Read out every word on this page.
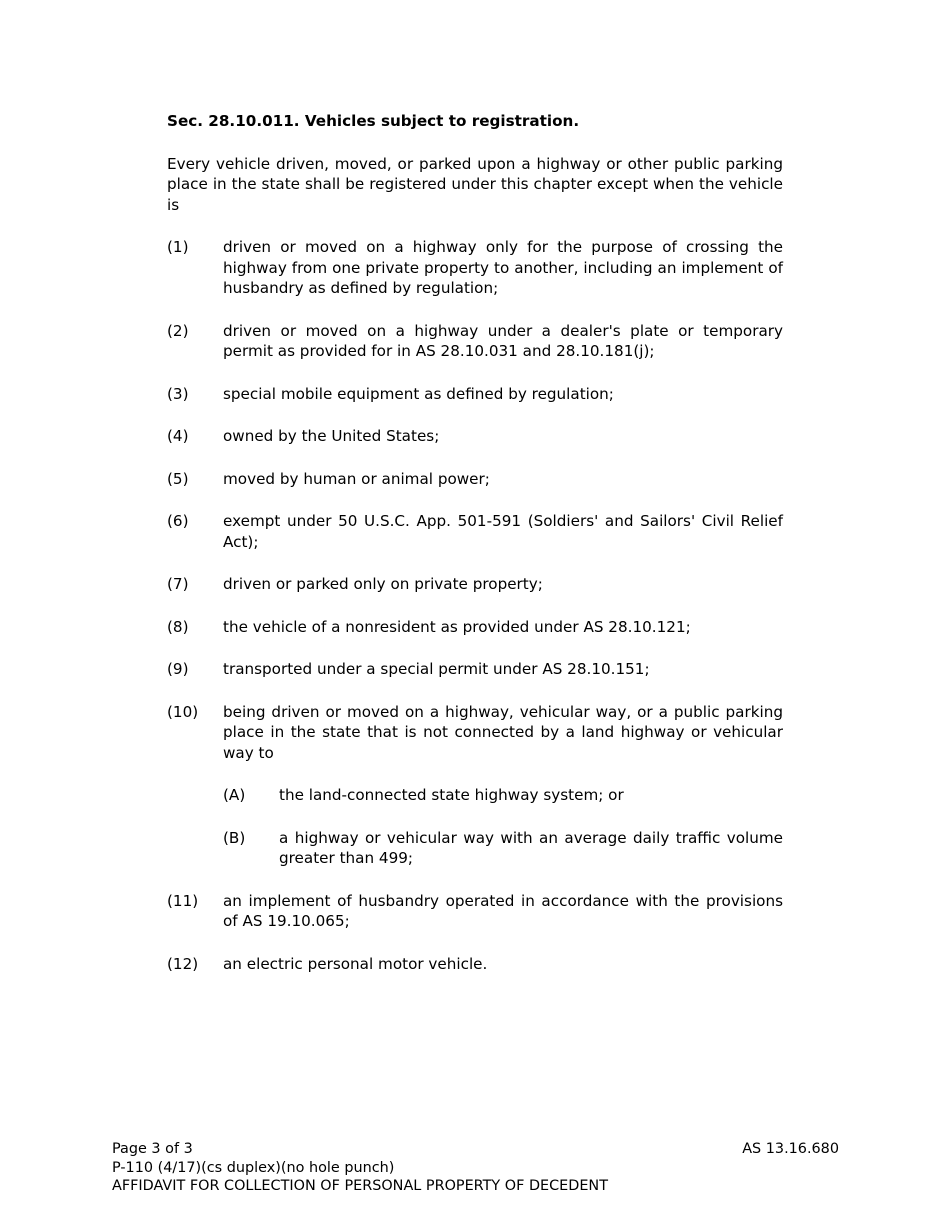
Sec. 28.10.011. Vehicles subject to registration.

Every vehicle driven, moved, or parked upon a highway or other public parking place in the state shall be registered under this chapter except when the vehicle is

(1)	driven or moved on a highway only for the purpose of crossing the highway from one private property to another, including an implement of husbandry as defined by regulation;
(2)	driven or moved on a highway under a dealer's plate or temporary permit as provided for in AS 28.10.031 and 28.10.181(j);
(3)	special mobile equipment as defined by regulation;
(4)	owned by the United States;
(5)	moved by human or animal power;
(6)	exempt under 50 U.S.C. App. 501-591 (Soldiers' and Sailors' Civil Relief Act);
(7)	driven or parked only on private property;
(8)	the vehicle of a nonresident as provided under AS 28.10.121;
(9)	transported under a special permit under AS 28.10.151;
(10)	being driven or moved on a highway, vehicular way, or a public parking place in the state that is not connected by a land highway or vehicular way to
(A)	the land-connected state highway system; or
(B)	a highway or vehicular way with an average daily traffic volume greater than 499;
(11)	an implement of husbandry operated in accordance with the provisions of AS 19.10.065;
(12)	an electric personal motor vehicle.
Page 3 of 3	AS 13.16.680
P-110 (4/17)(cs duplex)(no hole punch)
AFFIDAVIT FOR COLLECTION OF PERSONAL PROPERTY OF DECEDENT
